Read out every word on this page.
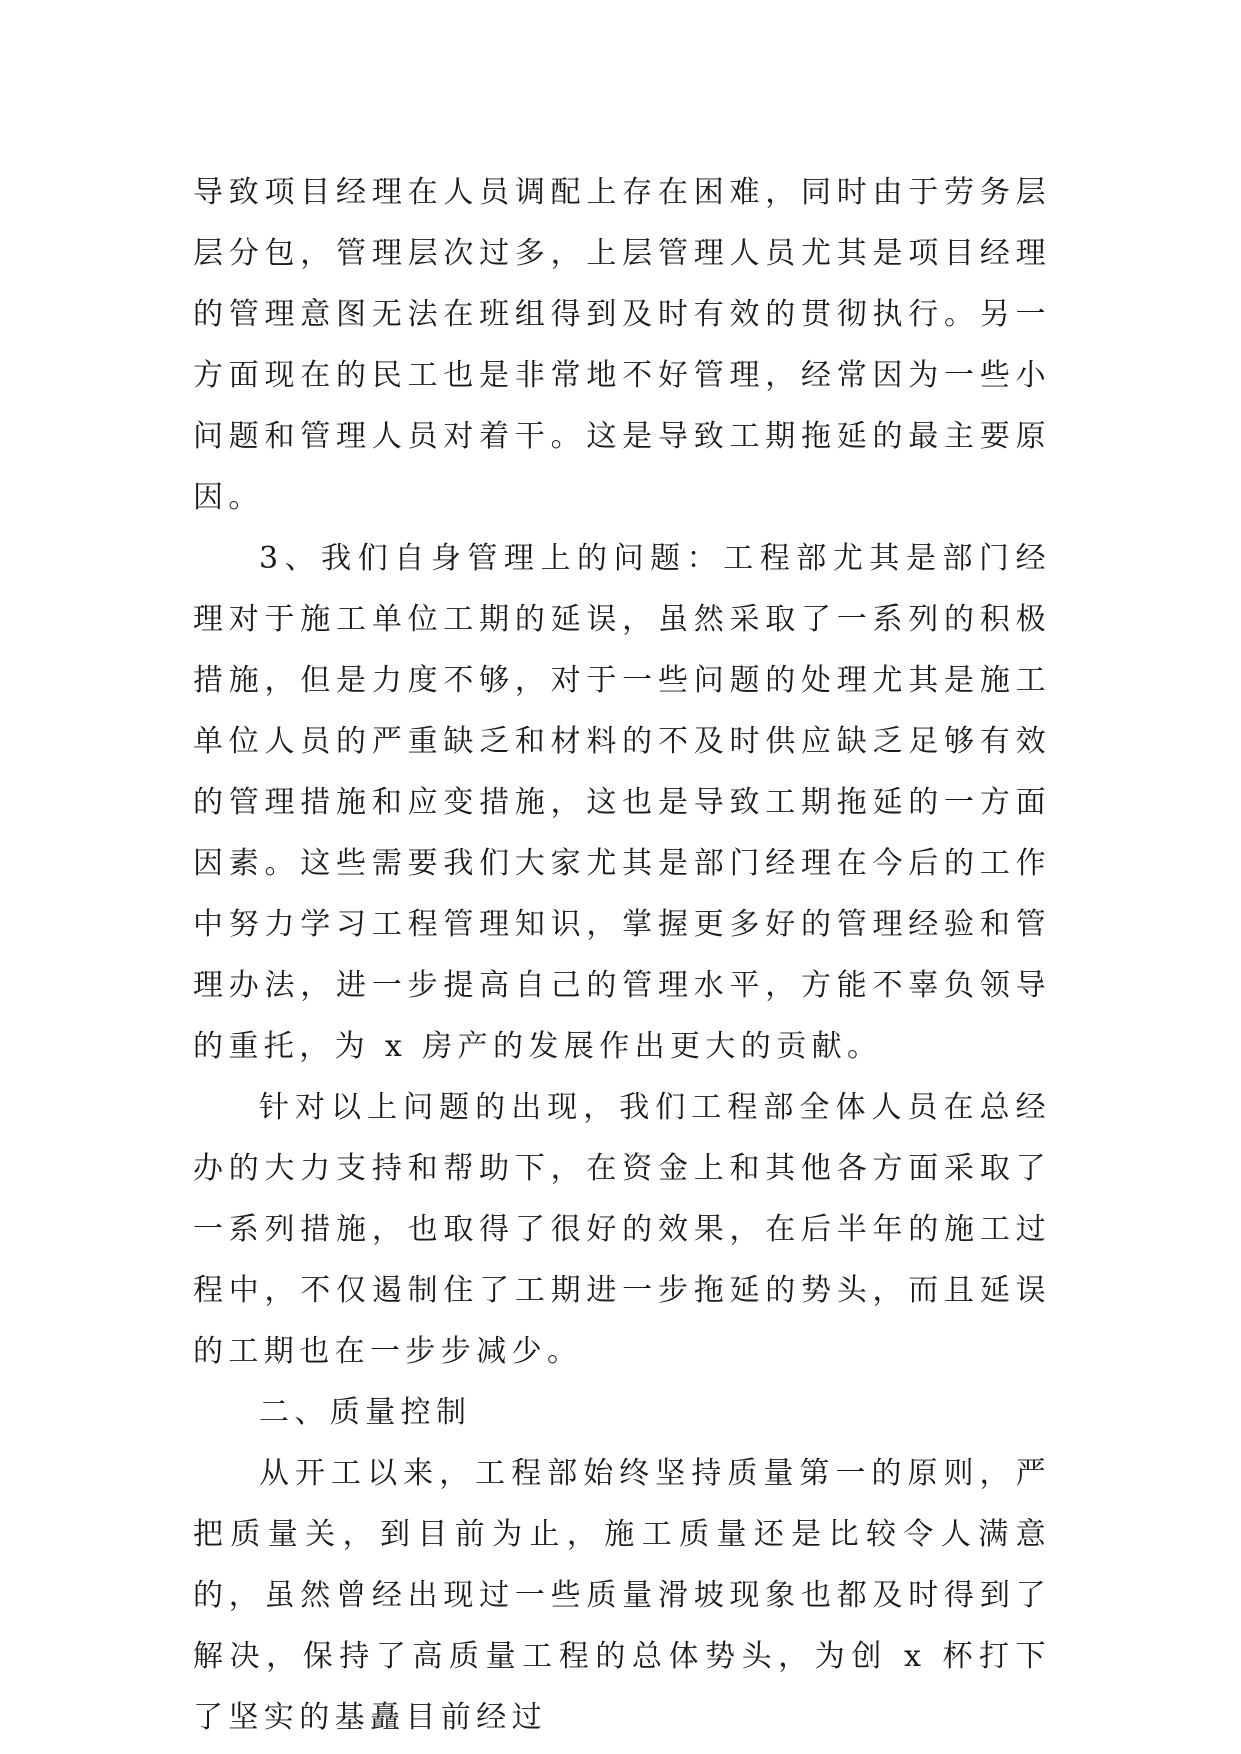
导致项目经理在人员调配上存在困难，同时由于劳务层层分包，管理层次过多，上层管理人员尤其是项目经理的管理意图无法在班组得到及时有效的贯彻执行。另一方面现在的民工也是非常地不好管理，经常因为一些小问题和管理人员对着干。这是导致工期拖延的最主要原因。

3、我们自身管理上的问题：工程部尤其是部门经理对于施工单位工期的延误，虽然采取了一系列的积极措施，但是力度不够，对于一些问题的处理尤其是施工单位人员的严重缺乏和材料的不及时供应缺乏足够有效的管理措施和应变措施，这也是导致工期拖延的一方面因素。这些需要我们大家尤其是部门经理在今后的工作中努力学习工程管理知识，掌握更多好的管理经验和管理办法，进一步提高自己的管理水平，方能不辜负领导的重托，为 x 房产的发展作出更大的贡献。

针对以上问题的出现，我们工程部全体人员在总经办的大力支持和帮助下，在资金上和其他各方面采取了一系列措施，也取得了很好的效果，在后半年的施工过程中，不仅遏制住了工期进一步拖延的势头，而且延误的工期也在一步步减少。

二、质量控制

从开工以来，工程部始终坚持质量第一的原则，严把质量关，到目前为止，施工质量还是比较令人满意的，虽然曾经出现过一些质量滑坡现象也都及时得到了解决，保持了高质量工程的总体势头，为创 x 杯打下了坚实的基矗目前经过
